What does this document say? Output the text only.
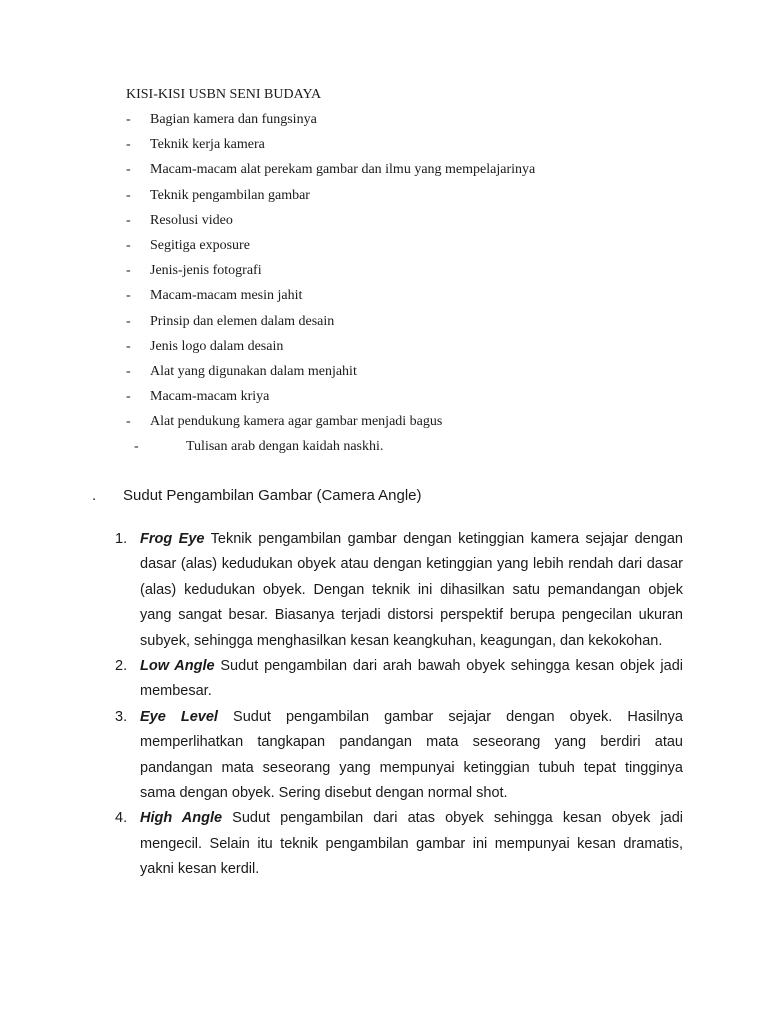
KISI-KISI USBN SENI BUDAYA
- Bagian kamera dan fungsinya
- Teknik kerja kamera
- Macam-macam alat perekam gambar dan ilmu yang mempelajarinya
- Teknik pengambilan gambar
- Resolusi video
- Segitiga exposure
- Jenis-jenis fotografi
- Macam-macam mesin jahit
- Prinsip dan elemen dalam desain
- Jenis logo dalam desain
- Alat yang digunakan dalam menjahit
- Macam-macam kriya
- Alat pendukung kamera agar gambar menjadi bagus
-	Tulisan arab dengan kaidah naskhi.
. Sudut Pengambilan Gambar (Camera Angle)
1. Frog Eye Teknik pengambilan gambar dengan ketinggian kamera sejajar dengan dasar (alas) kedudukan obyek atau dengan ketinggian yang lebih rendah dari dasar (alas) kedudukan obyek. Dengan teknik ini dihasilkan satu pemandangan objek yang sangat besar. Biasanya terjadi distorsi perspektif berupa pengecilan ukuran subyek, sehingga menghasilkan kesan keangkuhan, keagungan, dan kekokohan.
2. Low Angle Sudut pengambilan dari arah bawah obyek sehingga kesan objek jadi membesar.
3. Eye Level Sudut pengambilan gambar sejajar dengan obyek. Hasilnya memperlihatkan tangkapan pandangan mata seseorang yang berdiri atau pandangan mata seseorang yang mempunyai ketinggian tubuh tepat tingginya sama dengan obyek. Sering disebut dengan normal shot.
4. High Angle Sudut pengambilan dari atas obyek sehingga kesan obyek jadi mengecil. Selain itu teknik pengambilan gambar ini mempunyai kesan dramatis, yakni kesan kerdil.
